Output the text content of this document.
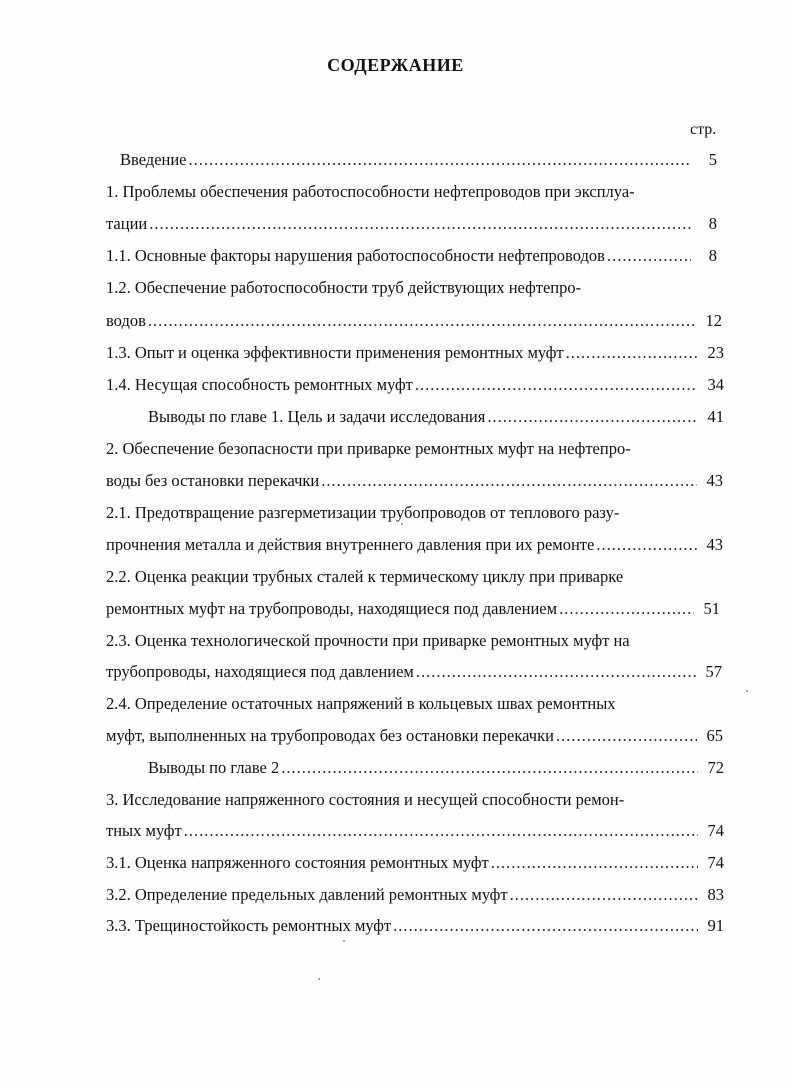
СОДЕРЖАНИЕ
стр.
Введение .....	5
1. Проблемы обеспечения работоспособности нефтепроводов при эксплуа-
тации .....	8
1.1. Основные факторы нарушения работоспособности нефтепроводов .....	8
1.2. Обеспечение работоспособности труб действующих нефтепро-
водов .....	12
1.3. Опыт и оценка эффективности применения ремонтных муфт .....	23
1.4. Несущая способность ремонтных муфт .....	34
Выводы по главе 1. Цель и задачи исследования .....	41
2. Обеспечение безопасности при приварке ремонтных муфт на нефтепро-
воды без остановки перекачки .....	43
2.1. Предотвращение разгерметизации трубопроводов от теплового разу-
прочнения металла и действия внутреннего давления при их ремонте .....	43
2.2. Оценка реакции трубных сталей к термическому циклу при приварке
ремонтных муфт на трубопроводы, находящиеся под давлением .....	51
2.3. Оценка технологической прочности при приварке ремонтных муфт на
трубопроводы, находящиеся под давлением .....	57
2.4. Определение остаточных напряжений в кольцевых швах ремонтных
муфт, выполненных на трубопроводах без остановки перекачки .....	65
Выводы по главе 2 .....	72
3. Исследование напряженного состояния и несущей способности ремон-
тных муфт .....	74
3.1. Оценка напряженного состояния ремонтных муфт .....	74
3.2. Определение предельных давлений ремонтных муфт .....	83
3.3. Трещиностойкость ремонтных муфт .....	91
